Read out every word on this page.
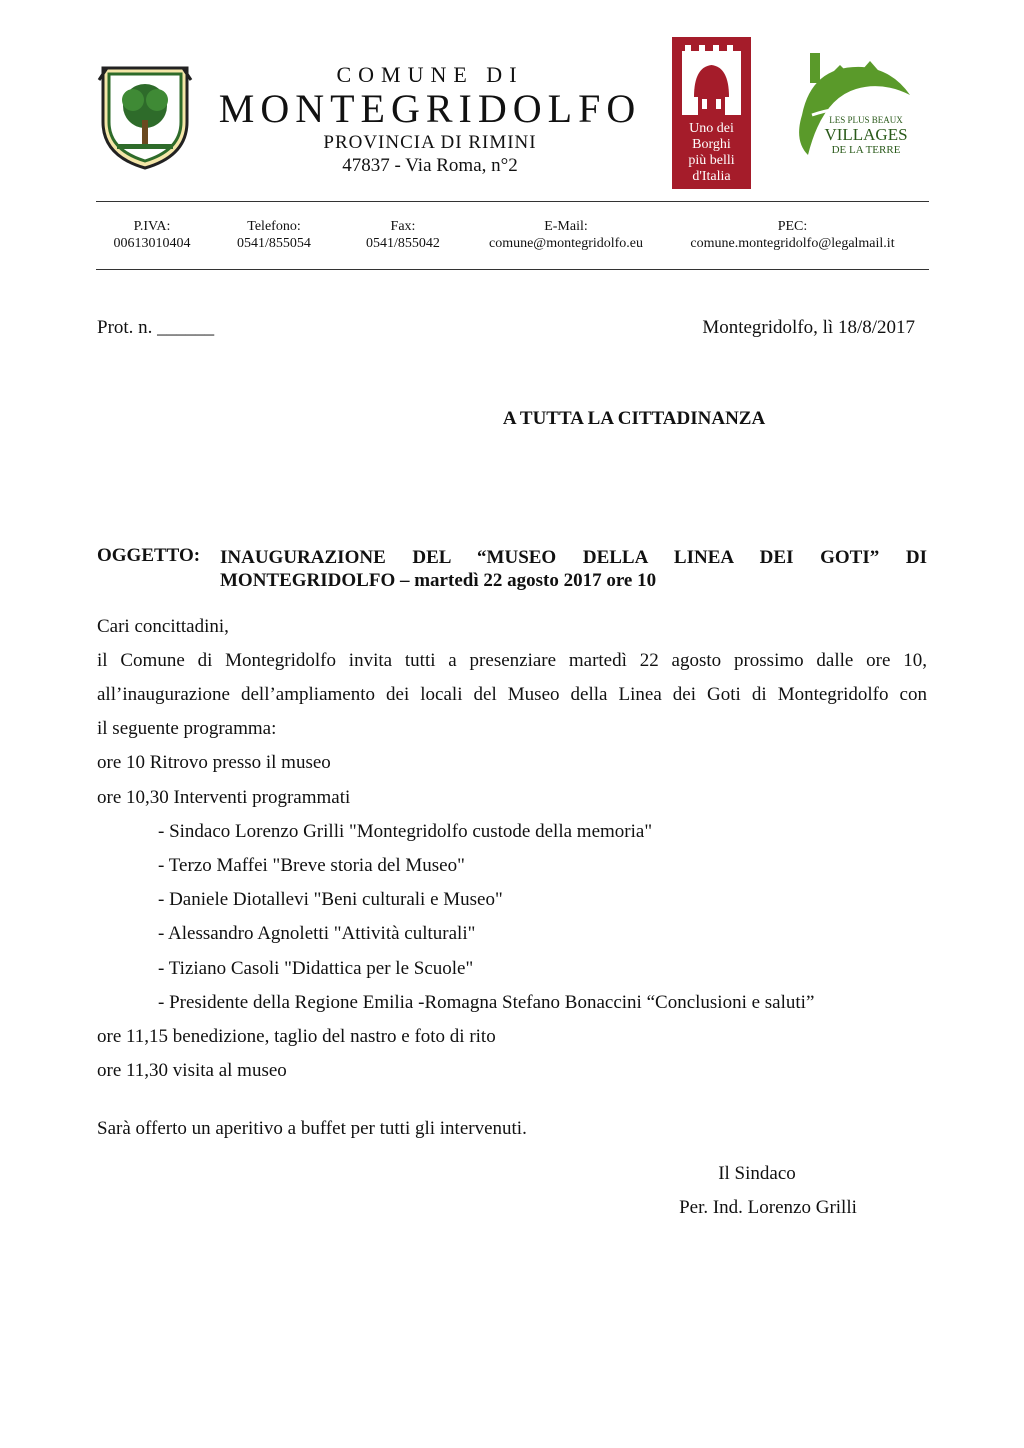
COMUNE DI
MONTEGRIDOLFO
PROVINCIA DI RIMINI
47837 - Via Roma, n°2
Uno dei
Borghi
più belli
d'Italia
LES PLUS BEAUX
VILLAGES
DE LA TERRE
P.IVA:
00613010404
Telefono:
0541/855054
Fax:
0541/855042
E-Mail:
comune@montegridolfo.eu
PEC:
comune.montegridolfo@legalmail.it
Prot. n. ______	Montegridolfo, lì 18/8/2017
A TUTTA LA CITTADINANZA
OGGETTO: INAUGURAZIONE DEL “MUSEO DELLA LINEA DEI GOTI” DI
MONTEGRIDOLFO – martedì 22 agosto 2017 ore 10
Cari concittadini,
il Comune di Montegridolfo invita tutti a presenziare martedì 22 agosto prossimo dalle ore 10,
all’inaugurazione dell’ampliamento dei locali del Museo della Linea dei Goti di Montegridolfo con
il seguente programma:
ore 10 Ritrovo presso il museo
ore 10,30 Interventi programmati
- Sindaco Lorenzo Grilli "Montegridolfo custode della memoria"
- Terzo Maffei "Breve storia del Museo"
- Daniele Diotallevi "Beni culturali e Museo"
- Alessandro Agnoletti "Attività culturali"
- Tiziano Casoli "Didattica per le Scuole"
- Presidente della Regione Emilia -Romagna Stefano Bonaccini “Conclusioni e saluti”
ore 11,15 benedizione, taglio del nastro e foto di rito
ore 11,30 visita al museo
Sarà offerto un aperitivo a buffet per tutti gli intervenuti.
Il Sindaco
Per. Ind. Lorenzo Grilli
